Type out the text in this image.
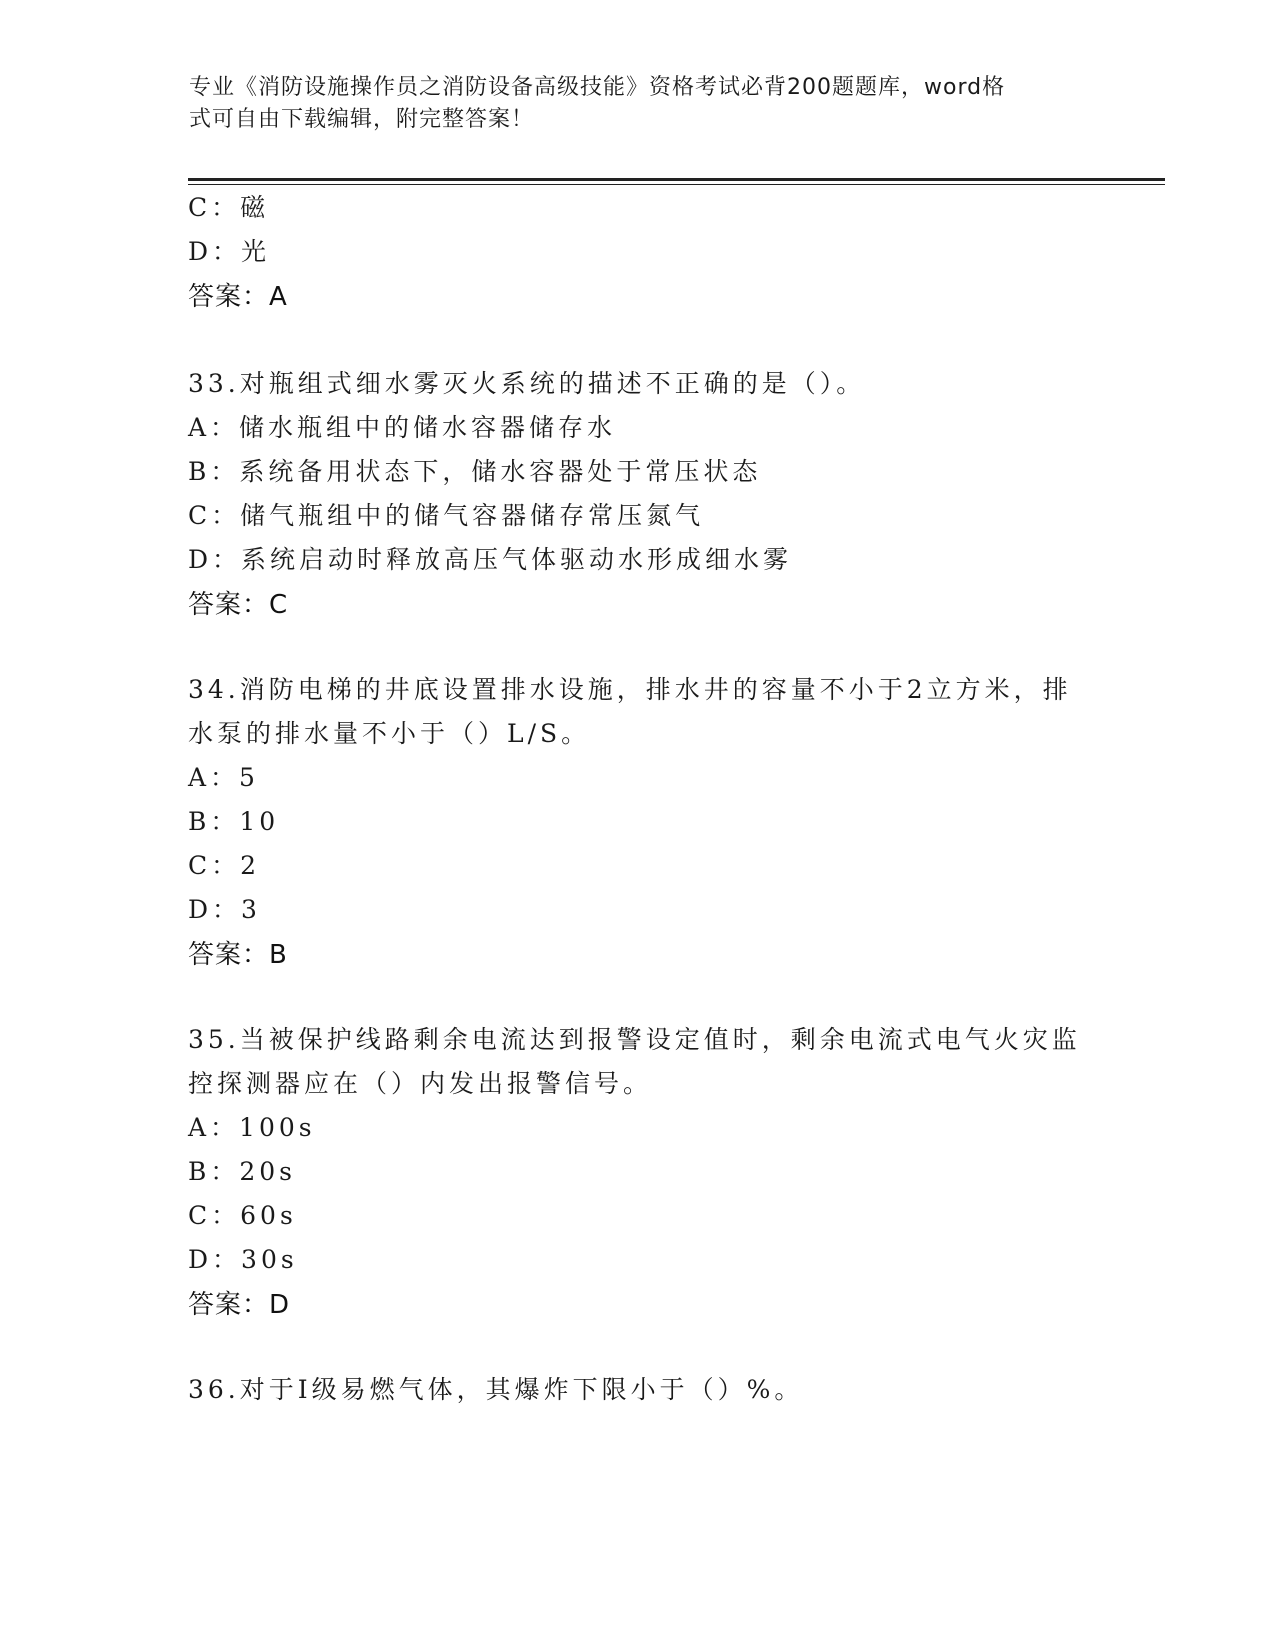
专业《消防设施操作员之消防设备高级技能》资格考试必背200题题库，word格
式可自由下载编辑，附完整答案！
C：磁
D：光
答案：A
33.对瓶组式细水雾灭火系统的描述不正确的是（）。
A：储水瓶组中的储水容器储存水
B：系统备用状态下，储水容器处于常压状态
C：储气瓶组中的储气容器储存常压氮气
D：系统启动时释放高压气体驱动水形成细水雾
答案：C
34.消防电梯的井底设置排水设施，排水井的容量不小于2立方米，排
水泵的排水量不小于（）L/S。
A：5
B：10
C：2
D：3
答案：B
35.当被保护线路剩余电流达到报警设定值时，剩余电流式电气火灾监
控探测器应在（）内发出报警信号。
A：100s
B：20s
C：60s
D：30s
答案：D
36.对于Ⅰ级易燃气体，其爆炸下限小于（）%。
